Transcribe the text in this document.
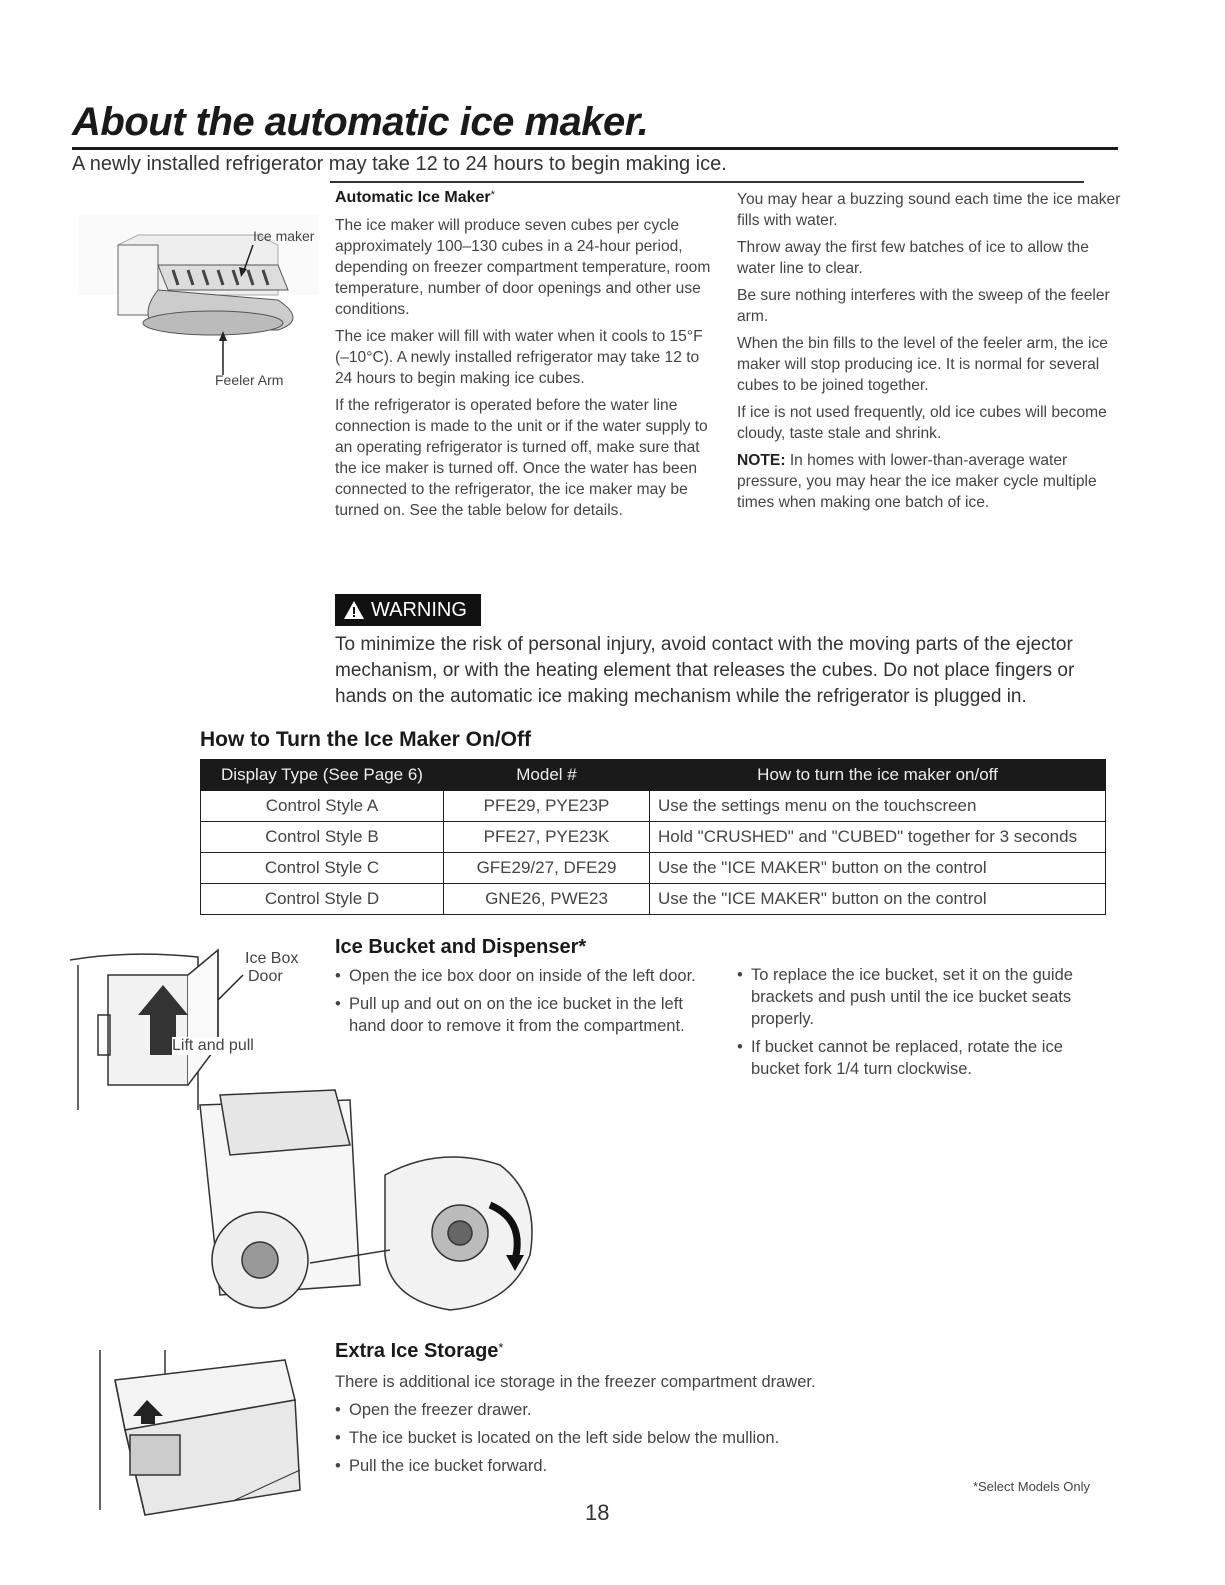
About the automatic ice maker.
A newly installed refrigerator may take 12 to 24 hours to begin making ice.
Ice maker
Feeler Arm
Automatic Ice Maker*

The ice maker will produce seven cubes per cycle approximately 100–130 cubes in a 24-hour period, depending on freezer compartment temperature, room temperature, number of door openings and other use conditions.

The ice maker will fill with water when it cools to 15°F (–10°C). A newly installed refrigerator may take 12 to 24 hours to begin making ice cubes.

If the refrigerator is operated before the water line connection is made to the unit or if the water supply to an operating refrigerator is turned off, make sure that the ice maker is turned off. Once the water has been connected to the refrigerator, the ice maker may be turned on. See the table below for details.

You may hear a buzzing sound each time the ice maker fills with water.

Throw away the first few batches of ice to allow the water line to clear.

Be sure nothing interferes with the sweep of the feeler arm.

When the bin fills to the level of the feeler arm, the ice maker will stop producing ice. It is normal for several cubes to be joined together.

If ice is not used frequently, old ice cubes will become cloudy, taste stale and shrink.

NOTE: In homes with lower-than-average water pressure, you may hear the ice maker cycle multiple times when making one batch of ice.

WARNING
To minimize the risk of personal injury, avoid contact with the moving parts of the ejector mechanism, or with the heating element that releases the cubes. Do not place fingers or hands on the automatic ice making mechanism while the refrigerator is plugged in.
How to Turn the Ice Maker On/Off
Display Type (See Page 6)	Model #	How to turn the ice maker on/off
Control Style A	PFE29, PYE23P	Use the settings menu on the touchscreen
Control Style B	PFE27, PYE23K	Hold "CRUSHED" and "CUBED" together for 3 seconds
Control Style C	GFE29/27, DFE29	Use the "ICE MAKER" button on the control
Control Style D	GNE26, PWE23	Use the "ICE MAKER" button on the control
Ice Box
Door
Lift and pull
Ice Bucket and Dispenser*
• Open the ice box door on inside of the left door.
• Pull up and out on on the ice bucket in the left hand door to remove it from the compartment.
• To replace the ice bucket, set it on the guide brackets and push until the ice bucket seats properly.
• If bucket cannot be replaced, rotate the ice bucket fork 1/4 turn clockwise.
Extra Ice Storage*
There is additional ice storage in the freezer compartment drawer.
• Open the freezer drawer.
• The ice bucket is located on the left side below the mullion.
• Pull the ice bucket forward.
*Select Models Only
18
